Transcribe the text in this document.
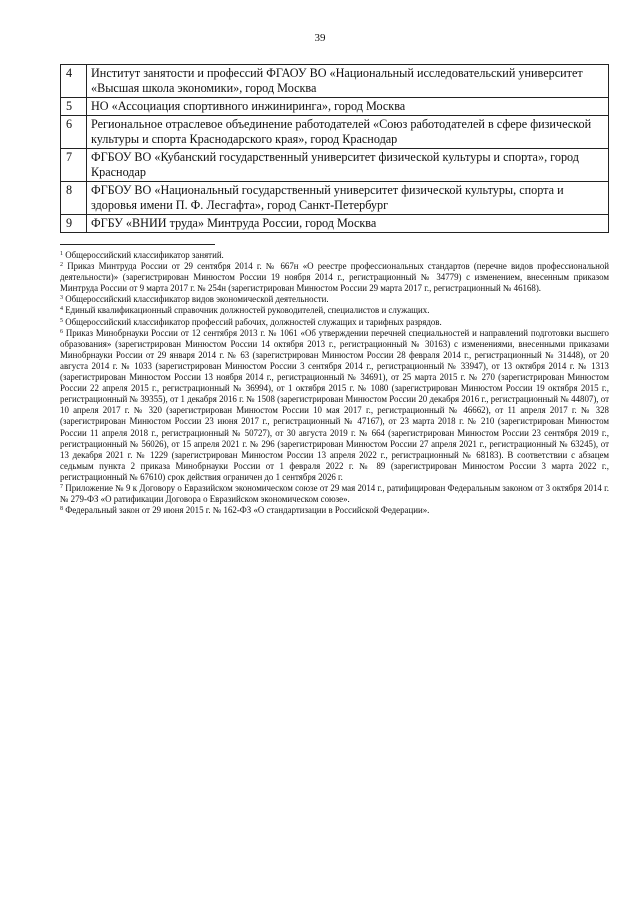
39
4	Институт занятости и профессий ФГАОУ ВО «Национальный исследовательский университет «Высшая школа экономики», город Москва
5	НО «Ассоциация спортивного инжиниринга», город Москва
6	Региональное отраслевое объединение работодателей «Союз работодателей в сфере физической культуры и спорта Краснодарского края», город Краснодар
7	ФГБОУ ВО «Кубанский государственный университет физической культуры и спорта», город Краснодар
8	ФГБОУ ВО «Национальный государственный университет физической культуры, спорта и здоровья имени П. Ф. Лесгафта», город Санкт-Петербург
9	ФГБУ «ВНИИ труда» Минтруда России, город Москва

$^1$ Общероссийский классификатор занятий.

$^2$ Приказ Минтруда России от 29 сентября 2014 г. № 667н «О реестре профессиональных стандартов (перечне видов профессиональной деятельности)» (зарегистрирован Минюстом России 19 ноября 2014 г., регистрационный № 34779) с изменением, внесенным приказом Минтруда России от 9 марта 2017 г. № 254н (зарегистрирован Минюстом России 29 марта 2017 г., регистрационный № 46168).

$^3$ Общероссийский классификатор видов экономической деятельности.

$^4$ Единый квалификационный справочник должностей руководителей, специалистов и служащих.

$^5$ Общероссийский классификатор профессий рабочих, должностей служащих и тарифных разрядов.

$^6$ Приказ Минобрнауки России от 12 сентября 2013 г. № 1061 «Об утверждении перечней специальностей и направлений подготовки высшего образования» (зарегистрирован Минюстом России 14 октября 2013 г., регистрационный № 30163) с изменениями, внесенными приказами Минобрнауки России от 29 января 2014 г. № 63 (зарегистрирован Минюстом России 28 февраля 2014 г., регистрационный № 31448), от 20 августа 2014 г. № 1033 (зарегистрирован Минюстом России 3 сентября 2014 г., регистрационный № 33947), от 13 октября 2014 г. № 1313 (зарегистрирован Минюстом России 13 ноября 2014 г., регистрационный № 34691), от 25 марта 2015 г. № 270 (зарегистрирован Минюстом России 22 апреля 2015 г., регистрационный № 36994), от 1 октября 2015 г. № 1080 (зарегистрирован Минюстом России 19 октября 2015 г., регистрационный № 39355), от 1 декабря 2016 г. № 1508 (зарегистрирован Минюстом России 20 декабря 2016 г., регистрационный № 44807), от 10 апреля 2017 г. № 320 (зарегистрирован Минюстом России 10 мая 2017 г., регистрационный № 46662), от 11 апреля 2017 г. № 328 (зарегистрирован Минюстом России 23 июня 2017 г., регистрационный № 47167), от 23 марта 2018 г. № 210 (зарегистрирован Минюстом России 11 апреля 2018 г., регистрационный № 50727), от 30 августа 2019 г. № 664 (зарегистрирован Минюстом России 23 сентября 2019 г., регистрационный № 56026), от 15 апреля 2021 г. № 296 (зарегистрирован Минюстом России 27 апреля 2021 г., регистрационный № 63245), от 13 декабря 2021 г. № 1229 (зарегистрирован Минюстом России 13 апреля 2022 г., регистрационный № 68183). В соответствии с абзацем седьмым пункта 2 приказа Минобрнауки России от 1 февраля 2022 г. № 89 (зарегистрирован Минюстом России 3 марта 2022 г., регистрационный № 67610) срок действия ограничен до 1 сентября 2026 г.

$^7$ Приложение № 9 к Договору о Евразийском экономическом союзе от 29 мая 2014 г., ратифицирован Федеральным законом от 3 октября 2014 г. № 279-ФЗ «О ратификации Договора о Евразийском экономическом союзе».

$^8$ Федеральный закон от 29 июня 2015 г. № 162-ФЗ «О стандартизации в Российской Федерации».
